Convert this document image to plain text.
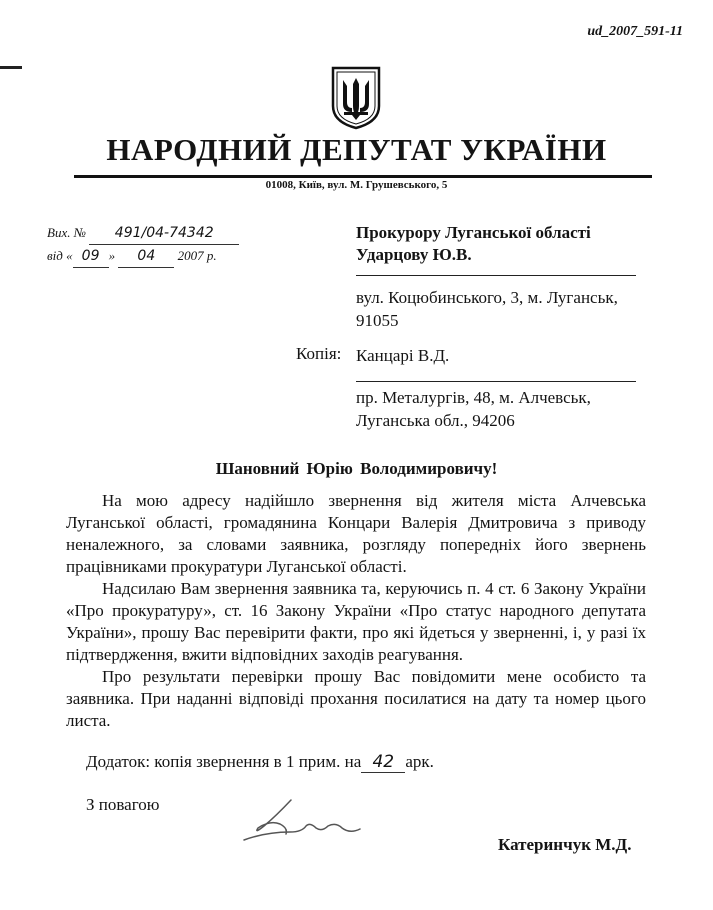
ud_2007_591-11
НАРОДНИЙ ДЕПУТАТ УКРАЇНИ
01008, Київ, вул. М. Грушевського, 5
Вих. № 491/04-74342
від « 09 » 04 2007 р.
Прокурору Луганської області
Ударцову Ю.В.
вул. Коцюбинського, 3, м. Луганськ,
91055
Копія: Канцарі В.Д.
пр. Металургів, 48, м. Алчевськ,
Луганська обл., 94206
Шановний Юрію Володимировичу!

На мою адресу надійшло звернення від жителя міста Алчевська Луганської області, громадянина Концари Валерія Дмитровича з приводу неналежного, за словами заявника, розгляду попередніх його звернень працівниками прокуратури Луганської області.

Надсилаю Вам звернення заявника та, керуючись п. 4 ст. 6 Закону України «Про прокуратуру», ст. 16 Закону України «Про статус народного депутата України», прошу Вас перевірити факти, про які йдеться у зверненні, і, у разі їх підтвердження, вжити відповідних заходів реагування.

Про результати перевірки прошу Вас повідомити мене особисто та заявника. При наданні відповіді прохання посилатися на дату та номер цього листа.

Додаток: копія звернення в 1 прим. на 42 арк.
З повагою
Катеринчук М.Д.
